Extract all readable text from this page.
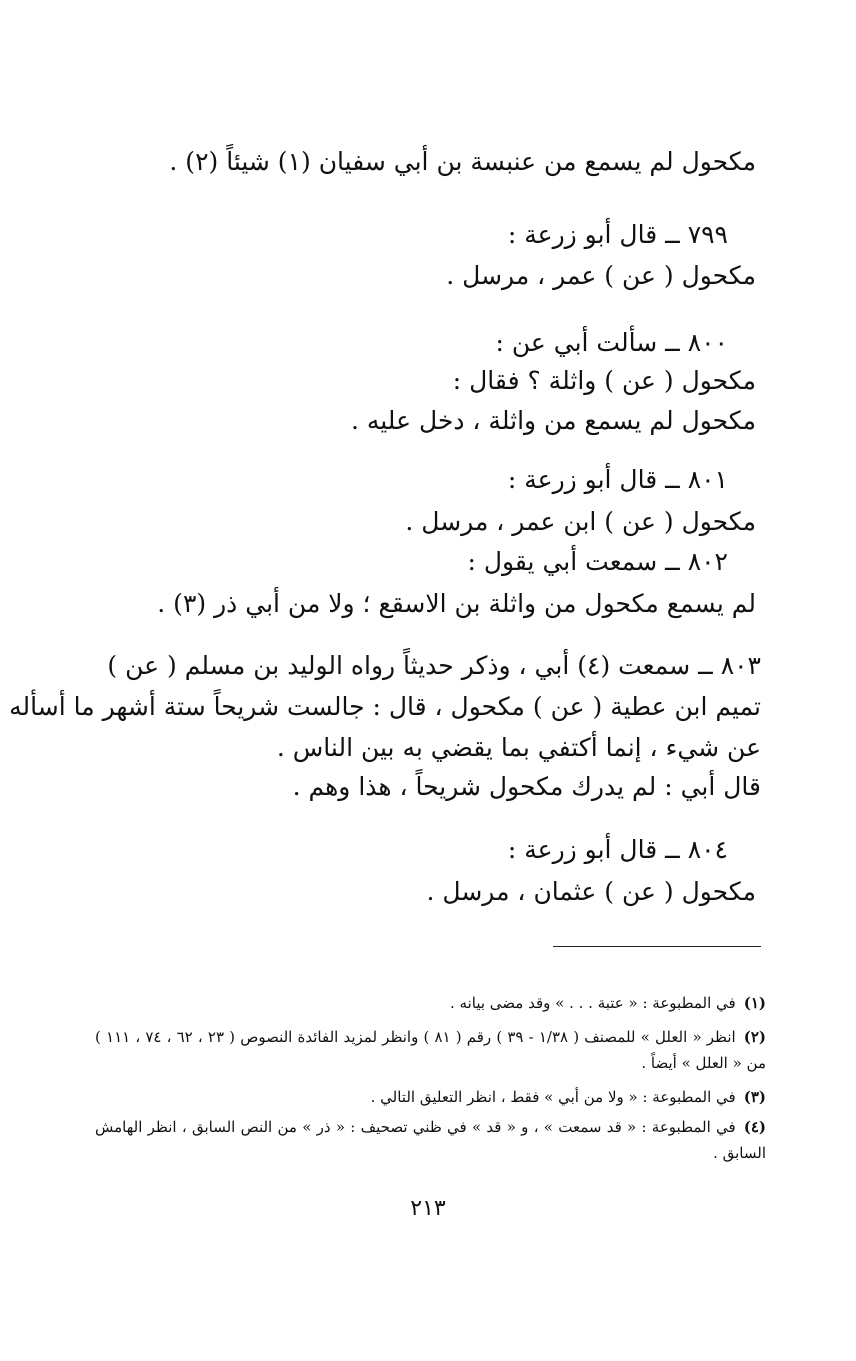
مكحول لم يسمع من عنبسة بن أبي سفيان (١) شيئاً (٢) .
٧٩٩ ــ قال أبو زرعة :
مكحول ( عن ) عمر ، مرسل .
٨٠٠ ــ سألت أبي عن :
مكحول ( عن ) واثلة ؟ فقال :
مكحول لم يسمع من واثلة ، دخل عليه .
٨٠١ ــ قال أبو زرعة :
مكحول ( عن ) ابن عمر ، مرسل .
٨٠٢ ــ سمعت أبي يقول :
لم يسمع مكحول من واثلة بن الاسقع ؛ ولا من أبي ذر (٣) .
٨٠٣ ــ سمعت (٤) أبي ، وذكر حديثاً رواه الوليد بن مسلم ( عن )
تميم ابن عطية ( عن ) مكحول ، قال : جالست شريحاً ستة أشهر ما أسأله
عن شيء ، إنما أكتفي بما يقضي به بين الناس .
قال أبي : لم يدرك مكحول شريحاً ، هذا وهم .
٨٠٤ ــ قال أبو زرعة :
مكحول ( عن ) عثمان ، مرسل .
(١)في المطبوعة : « عتبة . . . » وقد مضى بيانه .
(٢)انظر « العلل » للمصنف ( ١/٣٨ - ٣٩ ) رقم ( ٨١ ) وانظر لمزيد الفائدة النصوص ( ٢٣ ، ٦٢ ، ٧٤ ، ١١١ ) من « العلل » أيضاً .
(٣)في المطبوعة : « ولا من أبي » فقط ، انظر التعليق التالي .
(٤)في المطبوعة : « قد سمعت » ، و « قد » في ظني تصحيف : « ذر » من النص السابق ، انظر الهامش السابق .
٢١٣
